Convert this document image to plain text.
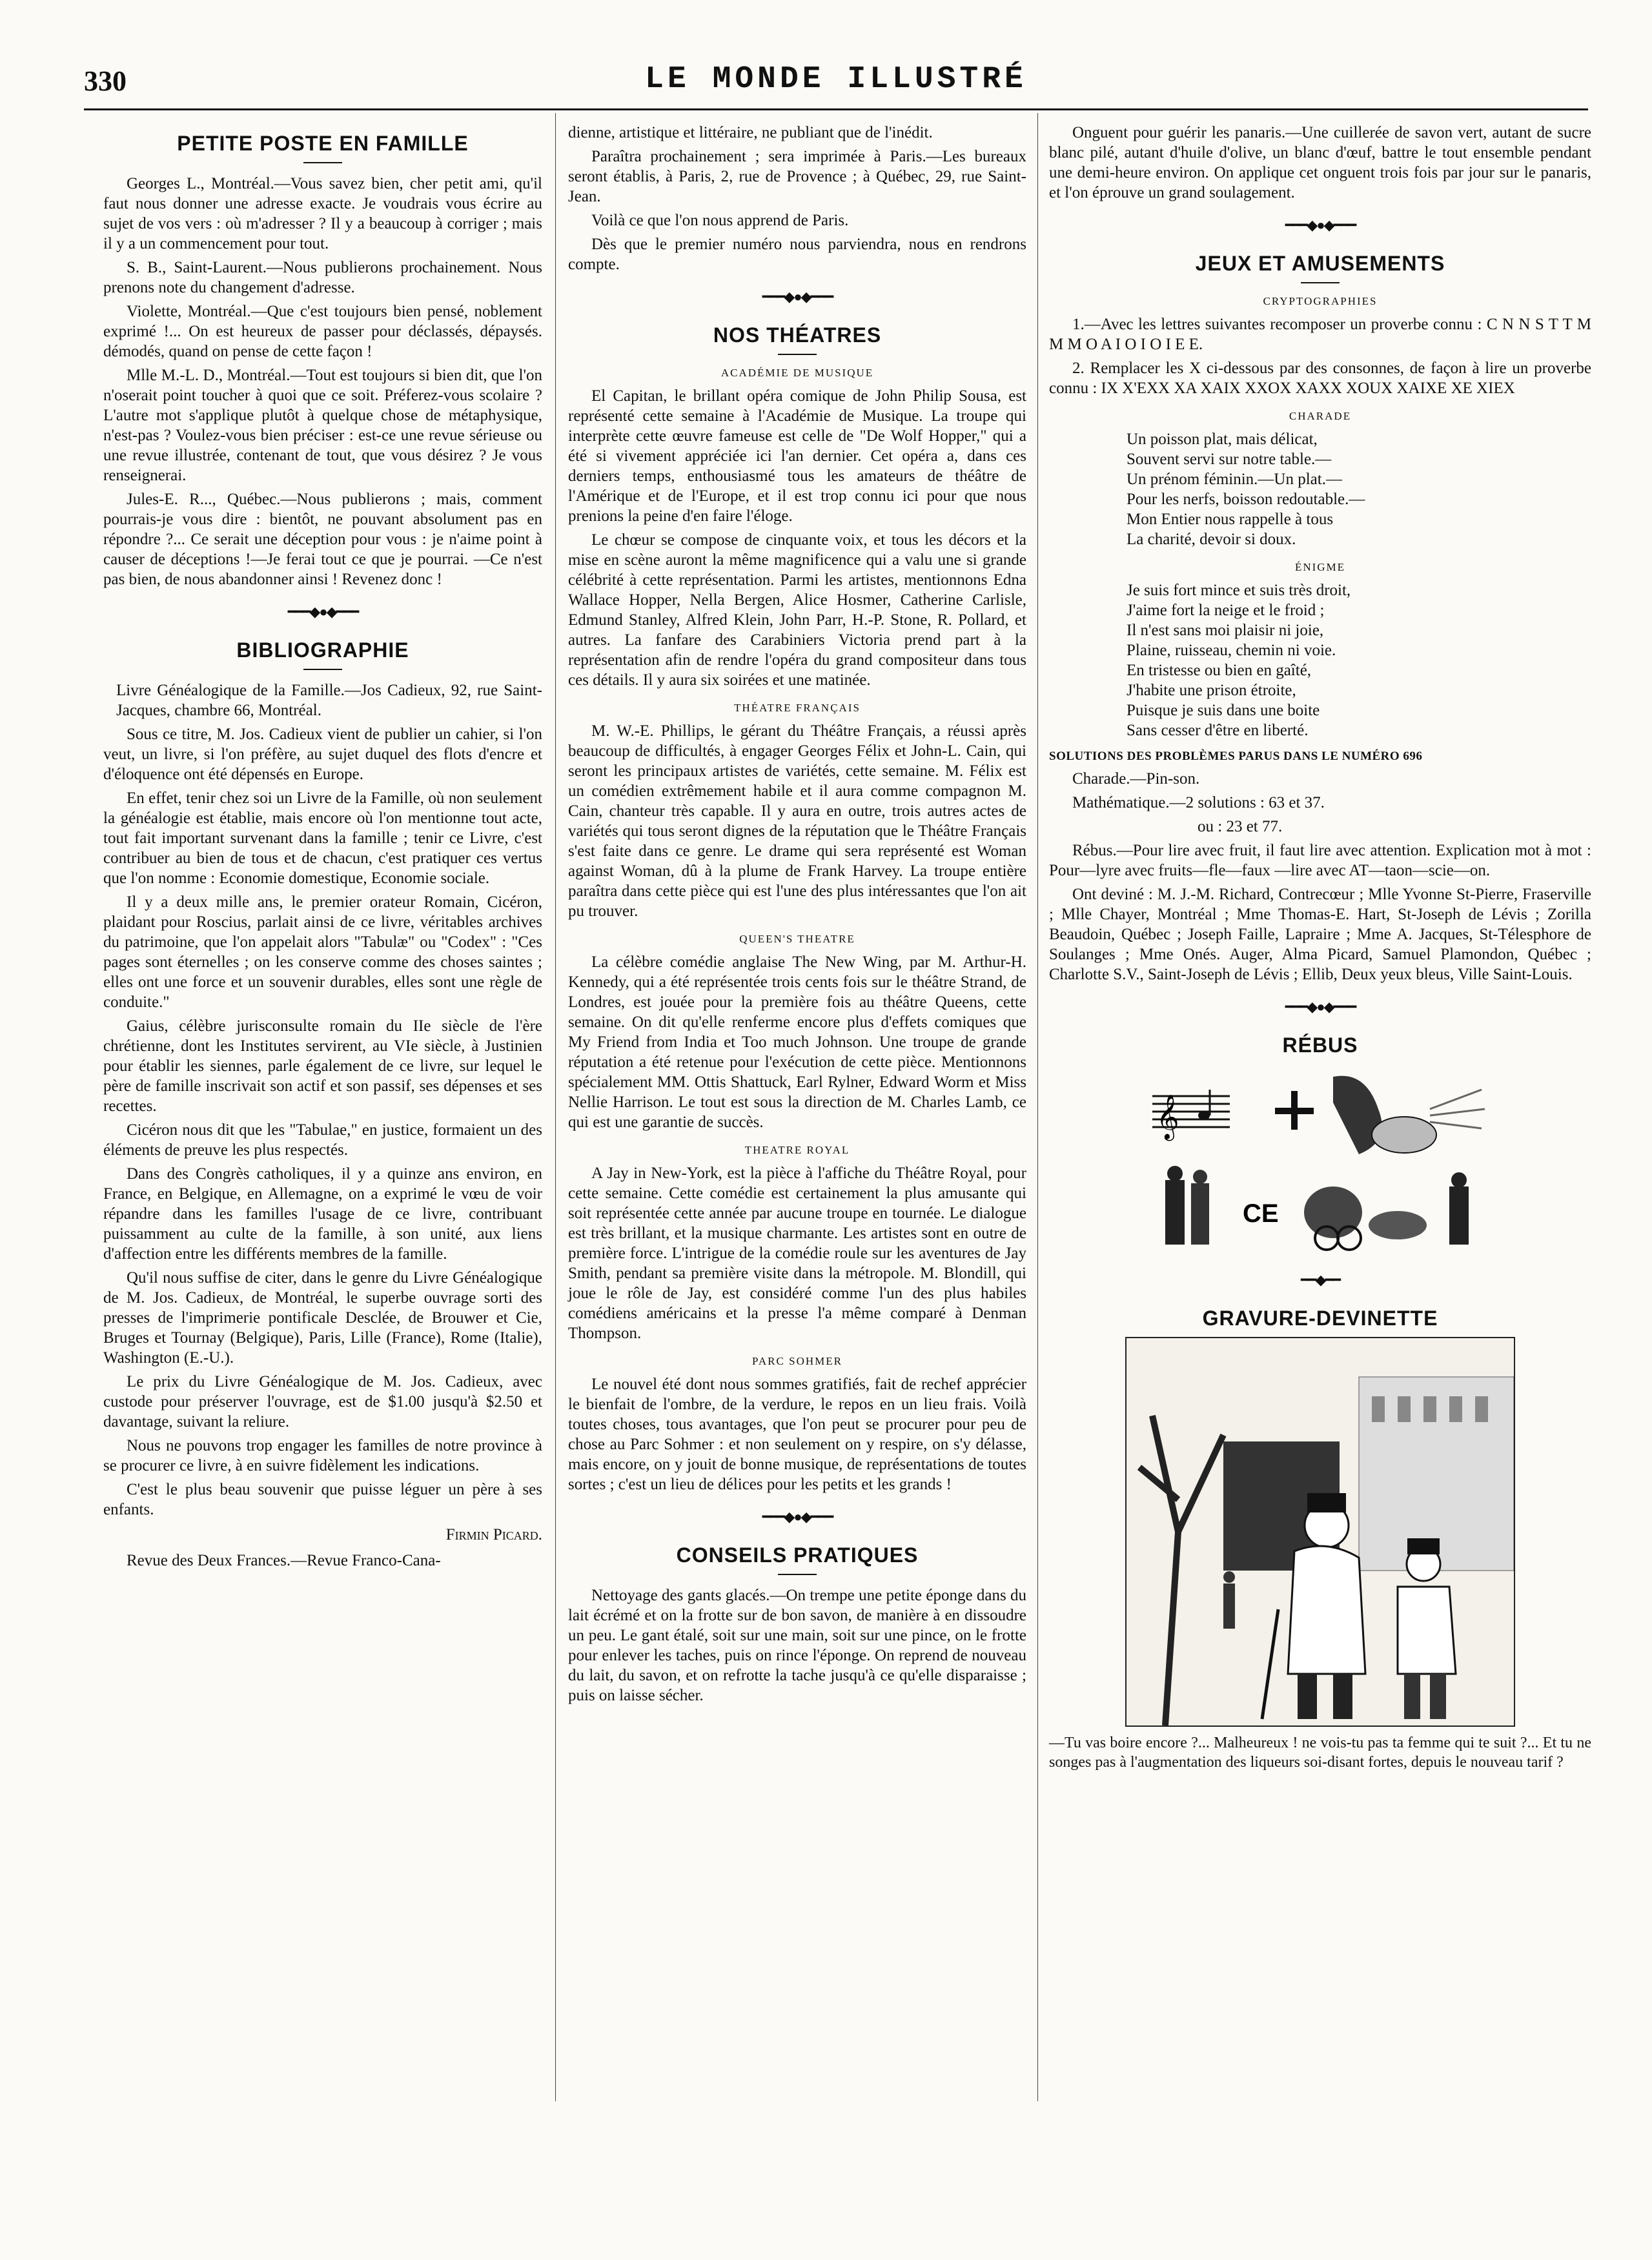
330	LE MONDE ILLUSTRÉ
PETITE POSTE EN FAMILLE

Georges L., Montréal.—Vous savez bien, cher petit ami, qu'il faut nous donner une adresse exacte. Je voudrais vous écrire au sujet de vos vers : où m'adresser ? Il y a beaucoup à corriger ; mais il y a un commencement pour tout.

S. B., Saint-Laurent.—Nous publierons prochainement. Nous prenons note du changement d'adresse.

Violette, Montréal.—Que c'est toujours bien pensé, noblement exprimé !... On est heureux de passer pour déclassés, dépaysés. démodés, quand on pense de cette façon !

Mlle M.-L. D., Montréal.—Tout est toujours si bien dit, que l'on n'oserait point toucher à quoi que ce soit. Préferez-vous scolaire ? L'autre mot s'applique plutôt à quelque chose de métaphysique, n'est-pas ? Voulez-vous bien préciser : est-ce une revue sérieuse ou une revue illustrée, contenant de tout, que vous désirez ? Je vous renseignerai.

Jules-E. R..., Québec.—Nous publierons ; mais, comment pourrais-je vous dire : bientôt, ne pouvant absolument pas en répondre ?... Ce serait une déception pour vous : je n'aime point à causer de déceptions !—Je ferai tout ce que je pourrai. —Ce n'est pas bien, de nous abandonner ainsi ! Revenez donc !

━━━◆●◆━━━
BIBLIOGRAPHIE

Livre Généalogique de la Famille.—Jos Cadieux, 92, rue Saint-Jacques, chambre 66, Montréal.

Sous ce titre, M. Jos. Cadieux vient de publier un cahier, si l'on veut, un livre, si l'on préfère, au sujet duquel des flots d'encre et d'éloquence ont été dépensés en Europe.

En effet, tenir chez soi un Livre de la Famille, où non seulement la généalogie est établie, mais encore où l'on mentionne tout acte, tout fait important survenant dans la famille ; tenir ce Livre, c'est contribuer au bien de tous et de chacun, c'est pratiquer ces vertus que l'on nomme : Economie domestique, Economie sociale.

Il y a deux mille ans, le premier orateur Romain, Cicéron, plaidant pour Roscius, parlait ainsi de ce livre, véritables archives du patrimoine, que l'on appelait alors "Tabulæ" ou "Codex" : "Ces pages sont éternelles ; on les conserve comme des choses saintes ; elles ont une force et un souvenir durables, elles sont une règle de conduite."

Gaius, célèbre jurisconsulte romain du IIe siècle de l'ère chrétienne, dont les Institutes servirent, au VIe siècle, à Justinien pour établir les siennes, parle également de ce livre, sur lequel le père de famille inscrivait son actif et son passif, ses dépenses et ses recettes.

Cicéron nous dit que les "Tabulae," en justice, formaient un des éléments de preuve les plus respectés.

Dans des Congrès catholiques, il y a quinze ans environ, en France, en Belgique, en Allemagne, on a exprimé le vœu de voir répandre dans les familles l'usage de ce livre, contribuant puissamment au culte de la famille, à son unité, aux liens d'affection entre les différents membres de la famille.

Qu'il nous suffise de citer, dans le genre du Livre Généalogique de M. Jos. Cadieux, de Montréal, le superbe ouvrage sorti des presses de l'imprimerie pontificale Desclée, de Brouwer et Cie, Bruges et Tournay (Belgique), Paris, Lille (France), Rome (Italie), Washington (E.-U.).

Le prix du Livre Généalogique de M. Jos. Cadieux, avec custode pour préserver l'ouvrage, est de $1.00 jusqu'à $2.50 et davantage, suivant la reliure.

Nous ne pouvons trop engager les familles de notre province à se procurer ce livre, à en suivre fidèlement les indications.

C'est le plus beau souvenir que puisse léguer un père à ses enfants.

Firmin Picard.

Revue des Deux Frances.—Revue Franco-Cana-

dienne, artistique et littéraire, ne publiant que de l'inédit.

Paraîtra prochainement ; sera imprimée à Paris.—Les bureaux seront établis, à Paris, 2, rue de Provence ; à Québec, 29, rue Saint-Jean.

Voilà ce que l'on nous apprend de Paris.

Dès que le premier numéro nous parviendra, nous en rendrons compte.

━━━◆●◆━━━
NOS THÉATRES
ACADÉMIE DE MUSIQUE

El Capitan, le brillant opéra comique de John Philip Sousa, est représenté cette semaine à l'Académie de Musique. La troupe qui interprète cette œuvre fameuse est celle de "De Wolf Hopper," qui a été si vivement appréciée ici l'an dernier. Cet opéra a, dans ces derniers temps, enthousiasmé tous les amateurs de théâtre de l'Amérique et de l'Europe, et il est trop connu ici pour que nous prenions la peine d'en faire l'éloge.

Le chœur se compose de cinquante voix, et tous les décors et la mise en scène auront la même magnificence qui a valu une si grande célébrité à cette représentation. Parmi les artistes, mentionnons Edna Wallace Hopper, Nella Bergen, Alice Hosmer, Catherine Carlisle, Edmund Stanley, Alfred Klein, John Parr, H.-P. Stone, R. Pollard, et autres. La fanfare des Carabiniers Victoria prend part à la représentation afin de rendre l'opéra du grand compositeur dans tous ces détails. Il y aura six soirées et une matinée.

THÉATRE FRANÇAIS

M. W.-E. Phillips, le gérant du Théâtre Français, a réussi après beaucoup de difficultés, à engager Georges Félix et John-L. Cain, qui seront les principaux artistes de variétés, cette semaine. M. Félix est un comédien extrêmement habile et il aura comme compagnon M. Cain, chanteur très capable. Il y aura en outre, trois autres actes de variétés qui tous seront dignes de la réputation que le Théâtre Français s'est faite dans ce genre. Le drame qui sera représenté est Woman against Woman, dû à la plume de Frank Harvey. La troupe entière paraîtra dans cette pièce qui est l'une des plus intéressantes que l'on ait pu trouver.

QUEEN'S THEATRE

La célèbre comédie anglaise The New Wing, par M. Arthur-H. Kennedy, qui a été représentée trois cents fois sur le théâtre Strand, de Londres, est jouée pour la première fois au théâtre Queens, cette semaine. On dit qu'elle renferme encore plus d'effets comiques que My Friend from India et Too much Johnson. Une troupe de grande réputation a été retenue pour l'exécution de cette pièce. Mentionnons spécialement MM. Ottis Shattuck, Earl Rylner, Edward Worm et Miss Nellie Harrison. Le tout est sous la direction de M. Charles Lamb, ce qui est une garantie de succès.

THEATRE ROYAL

A Jay in New-York, est la pièce à l'affiche du Théâtre Royal, pour cette semaine. Cette comédie est certainement la plus amusante qui soit représentée cette année par aucune troupe en tournée. Le dialogue est très brillant, et la musique charmante. Les artistes sont en outre de première force. L'intrigue de la comédie roule sur les aventures de Jay Smith, pendant sa première visite dans la métropole. M. Blondill, qui joue le rôle de Jay, est considéré comme l'un des plus habiles comédiens américains et la presse l'a même comparé à Denman Thompson.

PARC SOHMER

Le nouvel été dont nous sommes gratifiés, fait de rechef apprécier le bienfait de l'ombre, de la verdure, le repos en un lieu frais. Voilà toutes choses, tous avantages, que l'on peut se procurer pour peu de chose au Parc Sohmer : et non seulement on y respire, on s'y délasse, mais encore, on y jouit de bonne musique, de représentations de toutes sortes ; c'est un lieu de délices pour les petits et les grands !

━━━◆●◆━━━
CONSEILS PRATIQUES

Nettoyage des gants glacés.—On trempe une petite éponge dans du lait écrémé et on la frotte sur de bon savon, de manière à en dissoudre un peu. Le gant étalé, soit sur une main, soit sur une pince, on le frotte pour enlever les taches, puis on rince l'éponge. On reprend de nouveau du lait, du savon, et on refrotte la tache jusqu'à ce qu'elle disparaisse ; puis on laisse sécher.

Onguent pour guérir les panaris.—Une cuillerée de savon vert, autant de sucre blanc pilé, autant d'huile d'olive, un blanc d'œuf, battre le tout ensemble pendant une demi-heure environ. On applique cet onguent trois fois par jour sur le panaris, et l'on éprouve un grand soulagement.

━━━◆●◆━━━
JEUX ET AMUSEMENTS
CRYPTOGRAPHIES

1.—Avec les lettres suivantes recomposer un proverbe connu : C N N S T T M M M O A I O I O I E E.

2. Remplacer les X ci-dessous par des consonnes, de façon à lire un proverbe connu : IX X'EXX XA XAIX XXOX XAXX XOUX XAIXE XE XIEX

CHARADE
Un poisson plat, mais délicat,
Souvent servi sur notre table.—
Un prénom féminin.—Un plat.—
Pour les nerfs, boisson redoutable.—
Mon Entier nous rappelle à tous
La charité, devoir si doux.
ÉNIGME
Je suis fort mince et suis très droit,
J'aime fort la neige et le froid ;
Il n'est sans moi plaisir ni joie,
Plaine, ruisseau, chemin ni voie.
En tristesse ou bien en gaîté,
J'habite une prison étroite,
Puisque je suis dans une boite
Sans cesser d'être en liberté.
SOLUTIONS DES PROBLÈMES PARUS DANS LE NUMÉRO 696

Charade.—Pin-son.

Mathématique.—2 solutions : 63 et 37.

ou : 23 et 77.

Rébus.—Pour lire avec fruit, il faut lire avec attention. Explication mot à mot : Pour—lyre avec fruits—fle—faux —lire avec AT—taon—scie—on.

Ont deviné : M. J.-M. Richard, Contrecœur ; Mlle Yvonne St-Pierre, Fraserville ; Mlle Chayer, Montréal ; Mme Thomas-E. Hart, St-Joseph de Lévis ; Zorilla Beaudoin, Québec ; Joseph Faille, Lapraire ; Mme A. Jacques, St-Télesphore de Soulanges ; Mme Onés. Auger, Alma Picard, Samuel Plamondon, Québec ; Charlotte S.V., Saint-Joseph de Lévis ; Ellib, Deux yeux bleus, Ville Saint-Louis.

━━━◆●◆━━━
RÉBUS
𝄞
CE
━━◆━━
GRAVURE-DEVINETTE
—Tu vas boire encore ?... Malheureux ! ne vois-tu pas ta femme qui te suit ?... Et tu ne songes pas à l'augmentation des liqueurs soi-disant fortes, depuis le nouveau tarif ?
